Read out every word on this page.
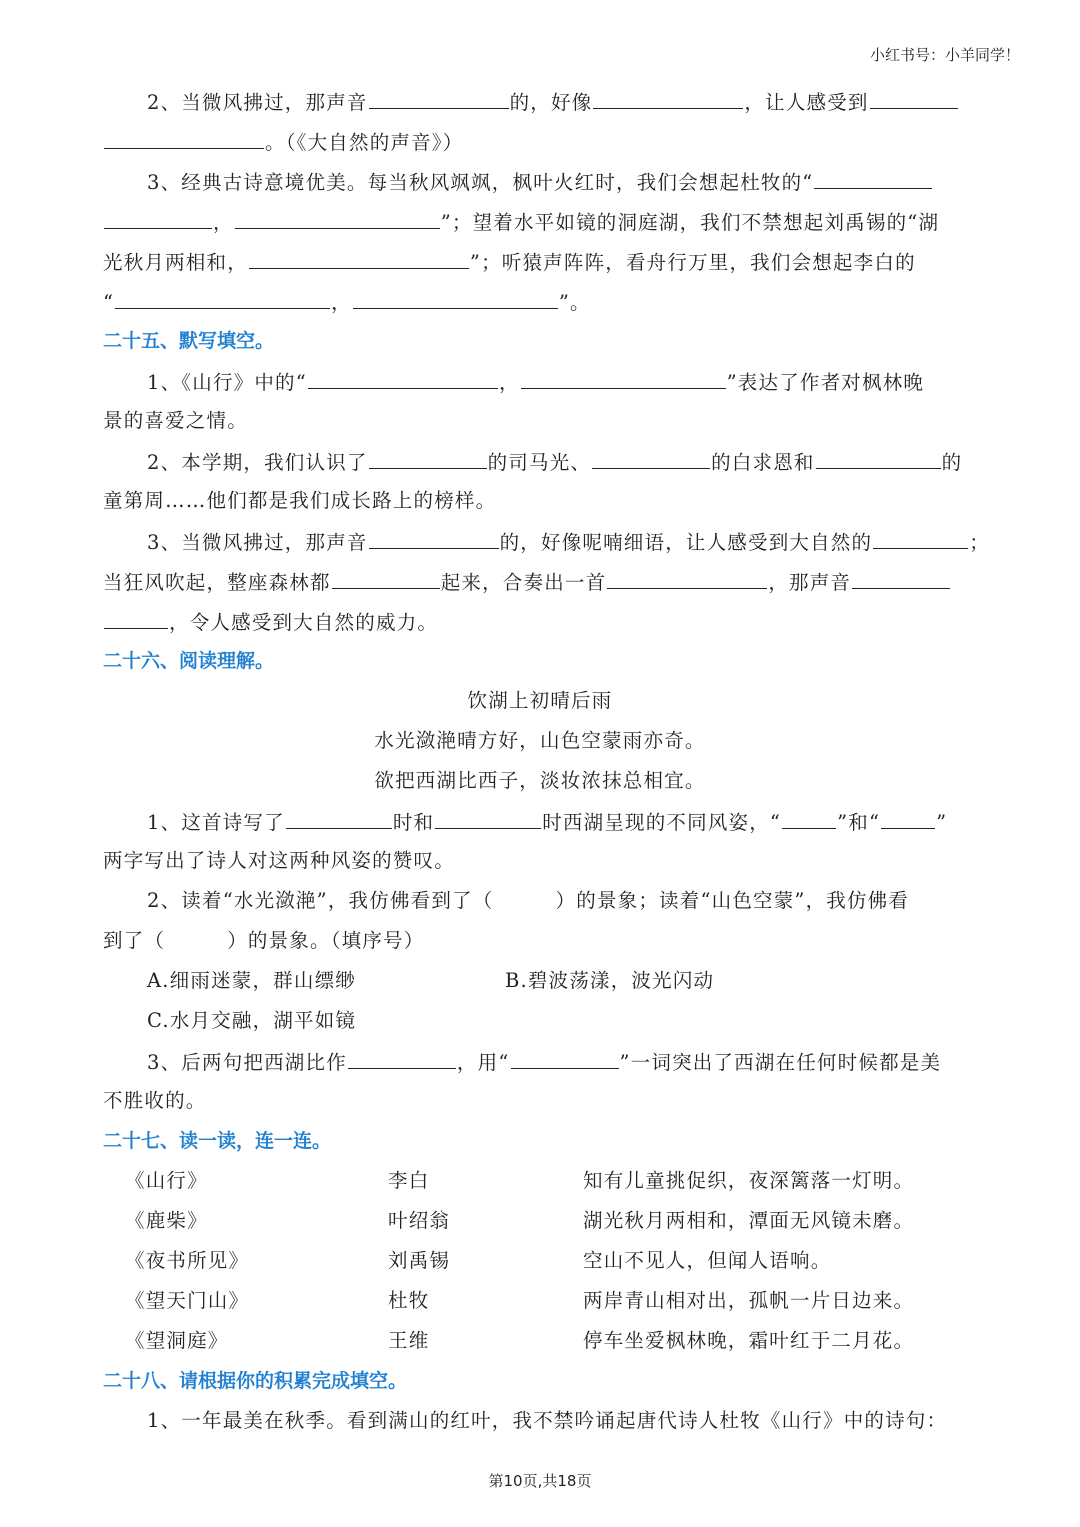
小红书号：小羊同学！
2、当微风拂过，那声音	的，好像	，让人感受到
。（《大自然的声音》）
3、经典古诗意境优美。每当秋风飒飒，枫叶火红时，我们会想起杜牧的“
，	”；望着水平如镜的洞庭湖，我们不禁想起刘禹锡的“湖
光秋月两相和，	”；听猿声阵阵，看舟行万里，我们会想起李白的
“	，	”。
二十五、默写填空。
1、《山行》中的“	，	”表达了作者对枫林晚
景的喜爱之情。
2、本学期，我们认识了	的司马光、	的白求恩和	的
童第周……他们都是我们成长路上的榜样。
3、当微风拂过，那声音	的，好像呢喃细语，让人感受到大自然的	；
当狂风吹起，整座森林都	起来，合奏出一首	，那声音
，令人感受到大自然的威力。
二十六、阅读理解。
饮湖上初晴后雨
水光潋滟晴方好，山色空蒙雨亦奇。
欲把西湖比西子，淡妆浓抹总相宜。
1、这首诗写了	时和	时西湖呈现的不同风姿，“	”和“	”
两字写出了诗人对这两种风姿的赞叹。
2、读着“水光潋滟”，我仿佛看到了（　　　）的景象；读着“山色空蒙”，我仿佛看
到了（　　　）的景象。（填序号）
A.细雨迷蒙，群山缥缈	B.碧波荡漾，波光闪动
C.水月交融，湖平如镜
3、后两句把西湖比作	，用“	”一词突出了西湖在任何时候都是美
不胜收的。
二十七、读一读，连一连。
《山行》	李白	知有儿童挑促织，夜深篱落一灯明。
《鹿柴》	叶绍翁	湖光秋月两相和，潭面无风镜未磨。
《夜书所见》	刘禹锡	空山不见人，但闻人语响。
《望天门山》	杜牧	两岸青山相对出，孤帆一片日边来。
《望洞庭》	王维	停车坐爱枫林晚，霜叶红于二月花。
二十八、请根据你的积累完成填空。
1、一年最美在秋季。看到满山的红叶，我不禁吟诵起唐代诗人杜牧《山行》中的诗句：
第10页,共18页
